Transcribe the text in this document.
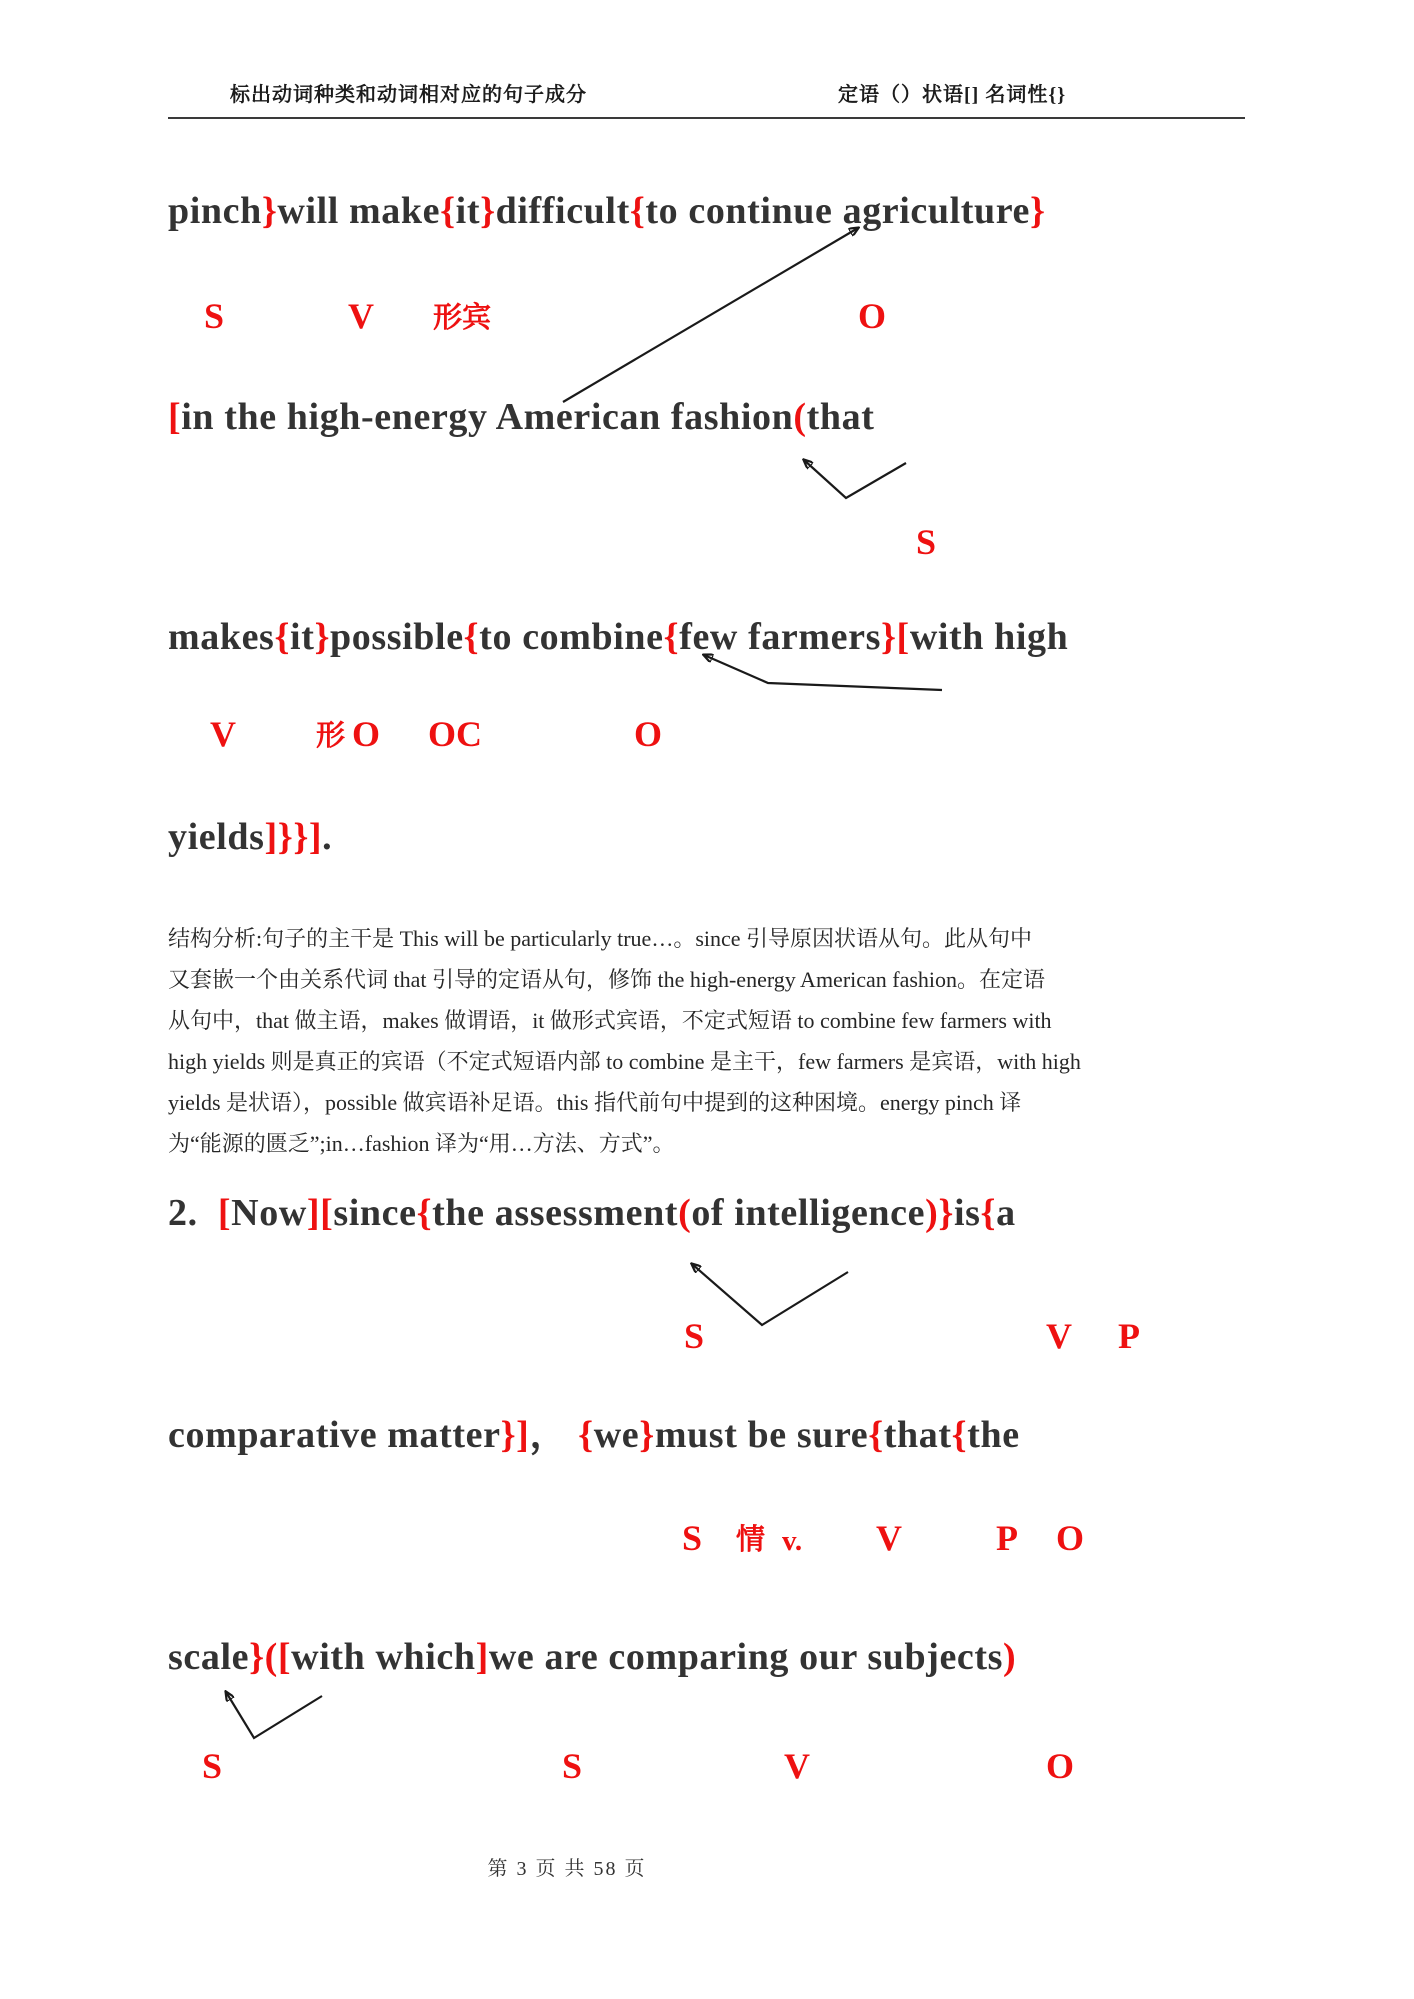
标出动词种类和动词相对应的句子成分	定语（）状语[] 名词性{}
pinch}will make{it}difficult{to continue agriculture}
S	V 形宾	O
[in the high-energy American fashion(that
S
makes{it}possible{to combine{few farmers}[with high
V	形 O OC	O
yields]}}].
结构分析:句子的主干是 This will be particularly true…。since 引导原因状语从句。此从句中
又套嵌一个由关系代词 that 引导的定语从句，修饰 the high-energy American fashion。在定语
从句中，that 做主语，makes 做谓语，it 做形式宾语，不定式短语 to combine few farmers with
high yields 则是真正的宾语（不定式短语内部 to combine 是主干，few farmers 是宾语，with high
yields 是状语），possible 做宾语补足语。this 指代前句中提到的这种困境。energy pinch 译
为“能源的匮乏”;in…fashion 译为“用…方法、方式”。
2.  [Now][since{the assessment(of intelligence)}is{a
S	V P
comparative matter}]， {we}must be sure{that{the
S 情 v. V	P O
scale}([with which]we are comparing our subjects)
S	S	V	O
第 3 页 共 58 页
